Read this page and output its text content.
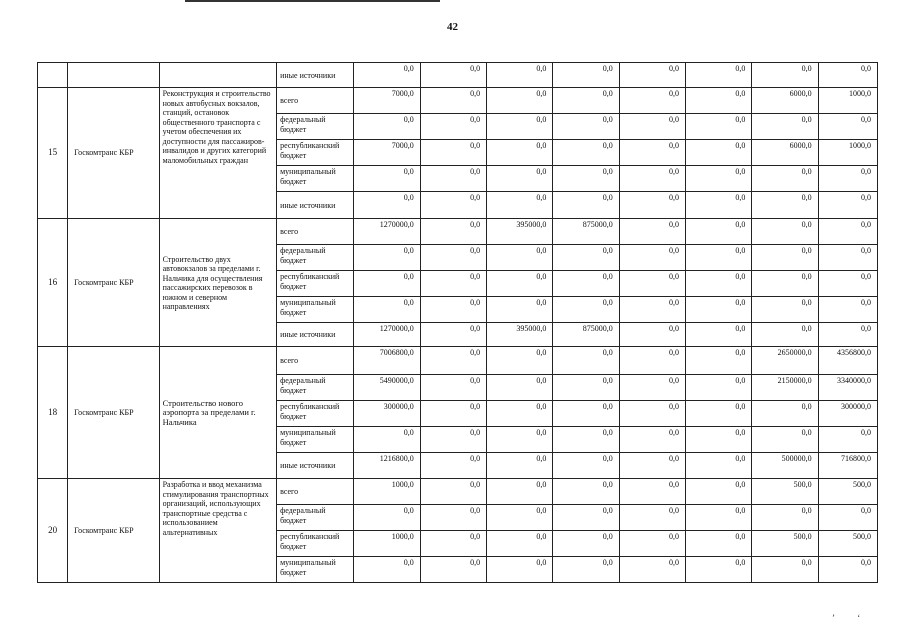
42
			иные источники	0,0	0,0	0,0	0,0	0,0	0,0	0,0	0,0
15	Госкомтранс КБР	Реконструкция и строительство новых автобусных вокзалов, станций, остановок общественного транспорта с учетом обеспечения их доступности для пассажиров-инвалидов и других категорий маломобильных граждан	всего	7000,0	0,0	0,0	0,0	0,0	0,0	6000,0	1000,0
			федеральный бюджет	0,0	0,0	0,0	0,0	0,0	0,0	0,0	0,0
			республиканский бюджет	7000,0	0,0	0,0	0,0	0,0	0,0	6000,0	1000,0
			муниципальный бюджет	0,0	0,0	0,0	0,0	0,0	0,0	0,0	0,0
			иные источники	0,0	0,0	0,0	0,0	0,0	0,0	0,0	0,0
16	Госкомтранс КБР	Строительство двух автовокзалов за пределами г. Нальчика для осуществления пассажирских перевозок в южном и северном направлениях	всего	1270000,0	0,0	395000,0	875000,0	0,0	0,0	0,0	0,0
			федеральный бюджет	0,0	0,0	0,0	0,0	0,0	0,0	0,0	0,0
			республиканский бюджет	0,0	0,0	0,0	0,0	0,0	0,0	0,0	0,0
			муниципальный бюджет	0,0	0,0	0,0	0,0	0,0	0,0	0,0	0,0
			иные источники	1270000,0	0,0	395000,0	875000,0	0,0	0,0	0,0	0,0
18	Госкомтранс КБР	Строительство нового аэропорта за пределами г. Нальчика	всего	7006800,0	0,0	0,0	0,0	0,0	0,0	2650000,0	4356800,0
			федеральный бюджет	5490000,0	0,0	0,0	0,0	0,0	0,0	2150000,0	3340000,0
			республиканский бюджет	300000,0	0,0	0,0	0,0	0,0	0,0	0,0	300000,0
			муниципальный бюджет	0,0	0,0	0,0	0,0	0,0	0,0	0,0	0,0
			иные источники	1216800,0	0,0	0,0	0,0	0,0	0,0	500000,0	716800,0
20	Госкомтранс КБР	Разработка и ввод механизма стимулирования транспортных организаций, использующих транспортные средства с использованием альтернативных	всего	1000,0	0,0	0,0	0,0	0,0	0,0	500,0	500,0
			федеральный бюджет	0,0	0,0	0,0	0,0	0,0	0,0	0,0	0,0
			республиканский бюджет	1000,0	0,0	0,0	0,0	0,0	0,0	500,0	500,0
			муниципальный бюджет	0,0	0,0	0,0	0,0	0,0	0,0	0,0	0,0
ʼ ʻ
